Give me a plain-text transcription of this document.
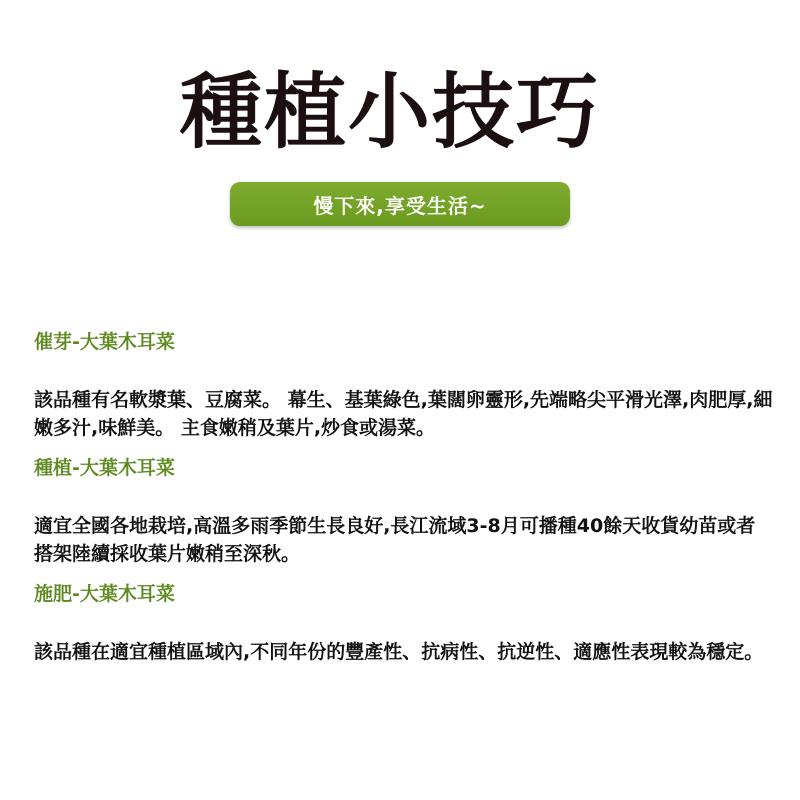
種植小技巧
慢下來,享受生活~
催芽-大葉木耳菜
該品種有名軟漿葉、豆腐菜。 幕生、基葉綠色,葉闊卵靈形,先端略尖平滑光澤,肉肥厚,細嫩多汁,味鮮美。 主食嫩稍及葉片,炒食或湯菜。
種植-大葉木耳菜
適宜全國各地栽培,高溫多雨季節生長良好,長江流域3-8月可播種40餘天收貨幼苗或者搭架陸續採收葉片嫩稍至深秋。
施肥-大葉木耳菜
該品種在適宜種植區域內,不同年份的豐產性、抗病性、抗逆性、適應性表現較為穩定。
